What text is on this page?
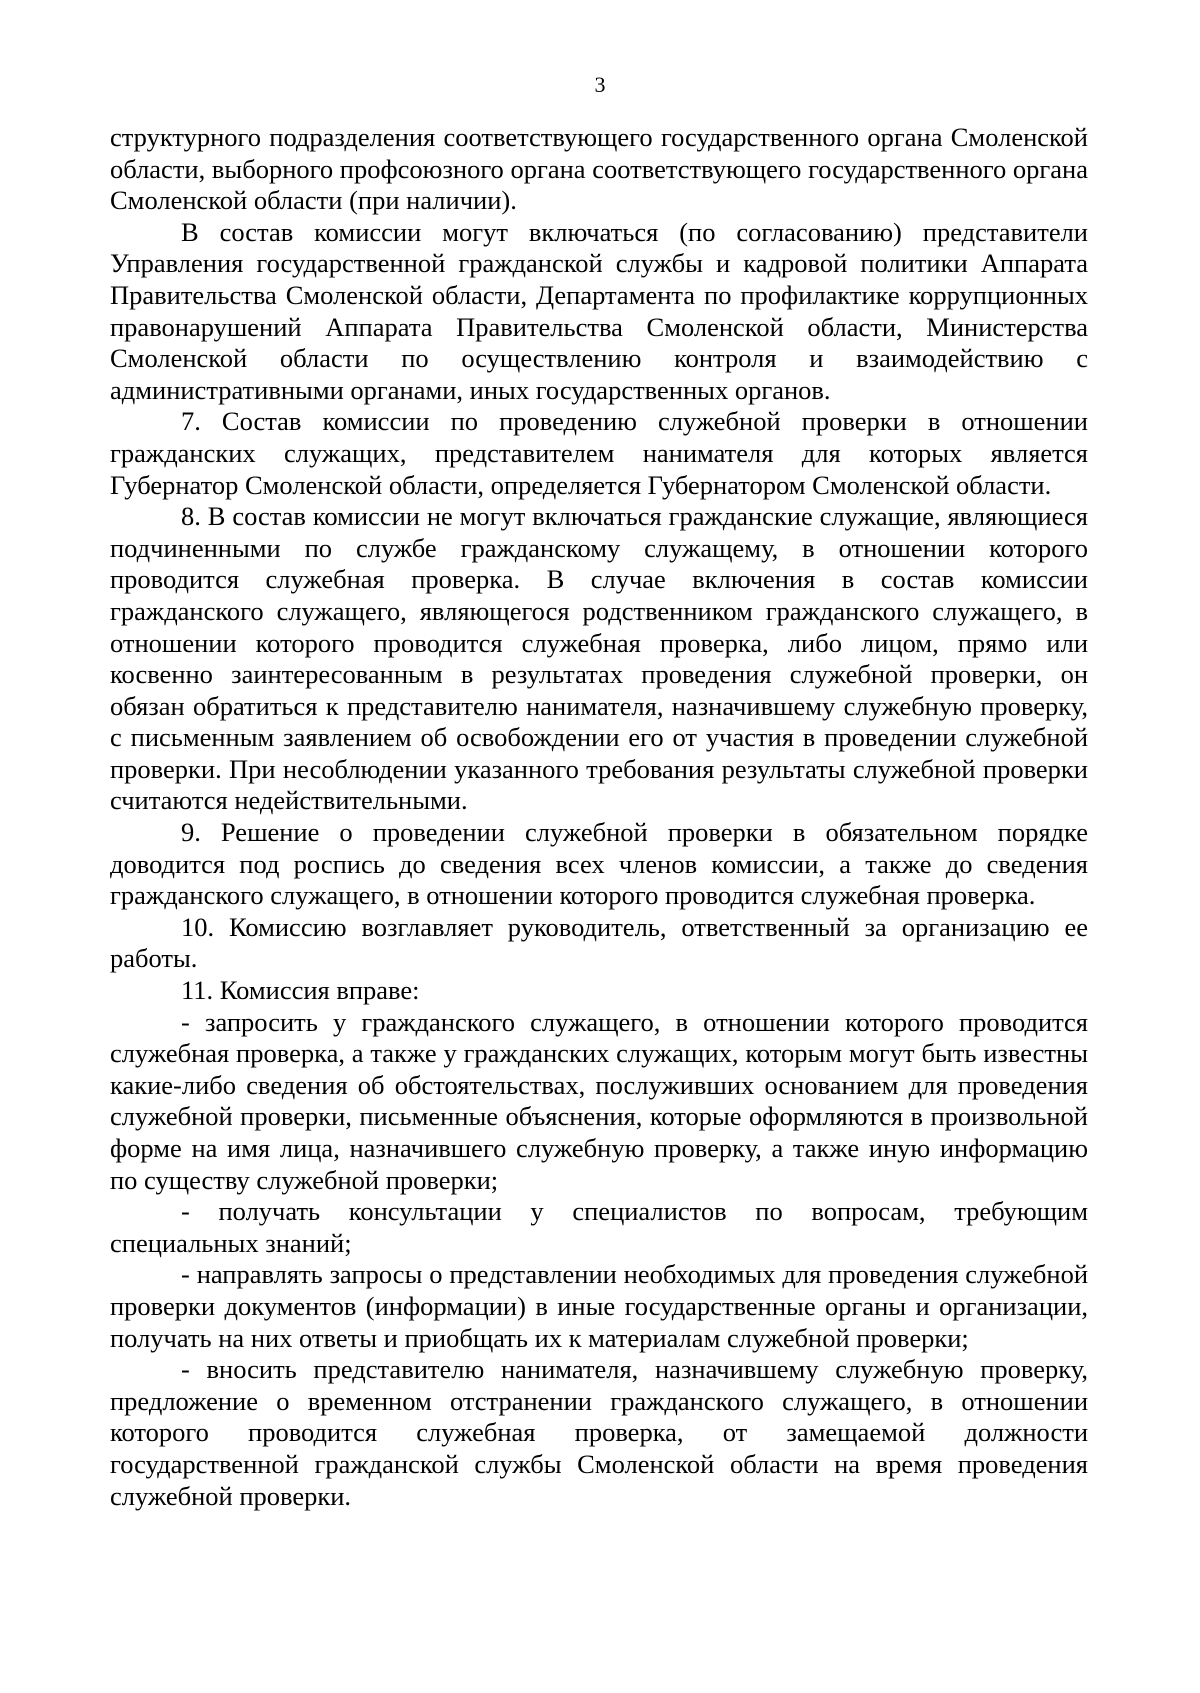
3

структурного подразделения соответствующего государственного органа Смоленской области, выборного профсоюзного органа соответствующего государственного органа Смоленской области (при наличии).

В состав комиссии могут включаться (по согласованию) представители Управления государственной гражданской службы и кадровой политики Аппарата Правительства Смоленской области, Департамента по профилактике коррупционных правонарушений Аппарата Правительства Смоленской области, Министерства Смоленской области по осуществлению контроля и взаимодействию с административными органами, иных государственных органов.

7. Состав комиссии по проведению служебной проверки в отношении гражданских служащих, представителем нанимателя для которых является Губернатор Смоленской области, определяется Губернатором Смоленской области.

8. В состав комиссии не могут включаться гражданские служащие, являющиеся подчиненными по службе гражданскому служащему, в отношении которого проводится служебная проверка. В случае включения в состав комиссии гражданского служащего, являющегося родственником гражданского служащего, в отношении которого проводится служебная проверка, либо лицом, прямо или косвенно заинтересованным в результатах проведения служебной проверки, он обязан обратиться к представителю нанимателя, назначившему служебную проверку, с письменным заявлением об освобождении его от участия в проведении служебной проверки. При несоблюдении указанного требования результаты служебной проверки считаются недействительными.

9. Решение о проведении служебной проверки в обязательном порядке доводится под роспись до сведения всех членов комиссии, а также до сведения гражданского служащего, в отношении которого проводится служебная проверка.

10. Комиссию возглавляет руководитель, ответственный за организацию ее работы.

11. Комиссия вправе:

- запросить у гражданского служащего, в отношении которого проводится служебная проверка, а также у гражданских служащих, которым могут быть известны какие-либо сведения об обстоятельствах, послуживших основанием для проведения служебной проверки, письменные объяснения, которые оформляются в произвольной форме на имя лица, назначившего служебную проверку, а также иную информацию по существу служебной проверки;

- получать консультации у специалистов по вопросам, требующим специальных знаний;

- направлять запросы о представлении необходимых для проведения служебной проверки документов (информации) в иные государственные органы и организации, получать на них ответы и приобщать их к материалам служебной проверки;

- вносить представителю нанимателя, назначившему служебную проверку, предложение о временном отстранении гражданского служащего, в отношении которого проводится служебная проверка, от замещаемой должности государственной гражданской службы Смоленской области на время проведения служебной проверки.
